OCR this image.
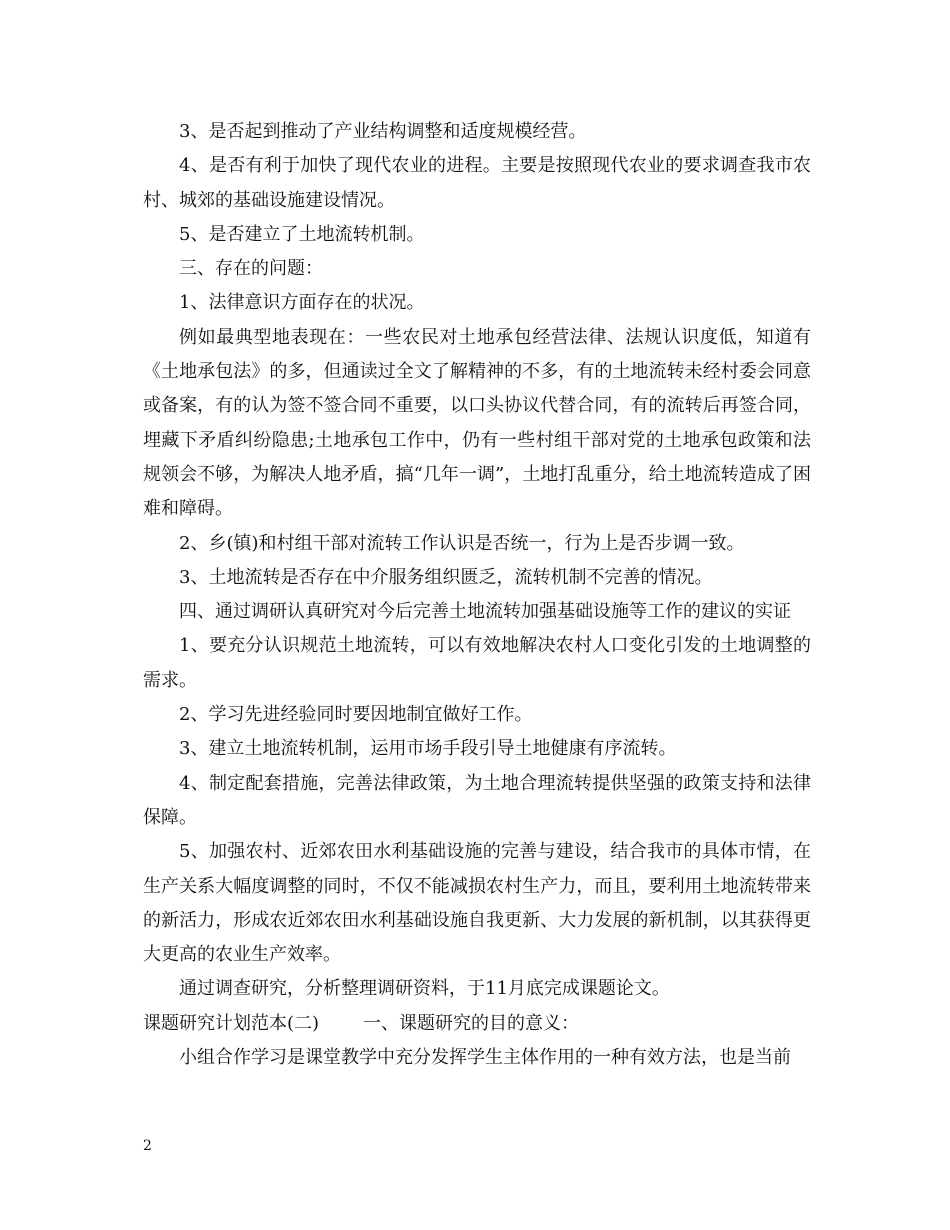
3、是否起到推动了产业结构调整和适度规模经营。

4、是否有利于加快了现代农业的进程。主要是按照现代农业的要求调查我市农村、城郊的基础设施建设情况。

5、是否建立了土地流转机制。

三、存在的问题：

1、法律意识方面存在的状况。

例如最典型地表现在：一些农民对土地承包经营法律、法规认识度低，知道有《土地承包法》的多，但通读过全文了解精神的不多，有的土地流转未经村委会同意或备案，有的认为签不签合同不重要，以口头协议代替合同，有的流转后再签合同，埋藏下矛盾纠纷隐患;土地承包工作中，仍有一些村组干部对党的土地承包政策和法规领会不够，为解决人地矛盾，搞“几年一调”，土地打乱重分，给土地流转造成了困难和障碍。

2、乡(镇)和村组干部对流转工作认识是否统一，行为上是否步调一致。

3、土地流转是否存在中介服务组织匮乏，流转机制不完善的情况。

四、通过调研认真研究对今后完善土地流转加强基础设施等工作的建议的实证

1、要充分认识规范土地流转，可以有效地解决农村人口变化引发的土地调整的需求。

2、学习先进经验同时要因地制宜做好工作。

3、建立土地流转机制，运用市场手段引导土地健康有序流转。

4、制定配套措施，完善法律政策，为土地合理流转提供坚强的政策支持和法律保障。

5、加强农村、近郊农田水利基础设施的完善与建设，结合我市的具体市情，在生产关系大幅度调整的同时，不仅不能减损农村生产力，而且，要利用土地流转带来的新活力，形成农近郊农田水利基础设施自我更新、大力发展的新机制，以其获得更大更高的农业生产效率。

通过调查研究，分析整理调研资料，于11月底完成课题论文。

课题研究计划范本(二) 一、课题研究的目的意义：

小组合作学习是课堂教学中充分发挥学生主体作用的一种有效方法，也是当前

2
